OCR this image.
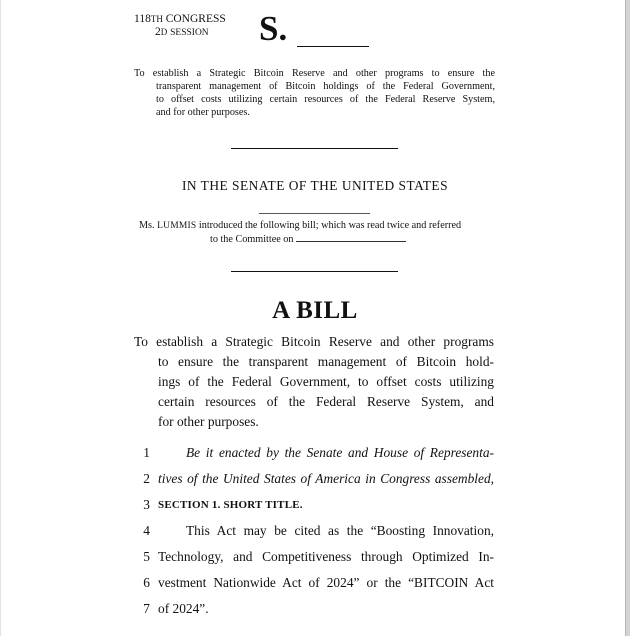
118TH CONGRESS
2D SESSION	S.
To establish a Strategic Bitcoin Reserve and other programs to ensure the
transparent management of Bitcoin holdings of the Federal Government,
to offset costs utilizing certain resources of the Federal Reserve System,
and for other purposes.
IN THE SENATE OF THE UNITED STATES
Ms. LUMMIS introduced the following bill; which was read twice and referred
to the Committee on
A BILL
To establish a Strategic Bitcoin Reserve and other programs
to ensure the transparent management of Bitcoin hold-
ings of the Federal Government, to offset costs utilizing
certain resources of the Federal Reserve System, and
for other purposes.
1	Be it enacted by the Senate and House of Representa-
2 tives of the United States of America in Congress assembled,
3 SECTION 1. SHORT TITLE.
4	This Act may be cited as the “Boosting Innovation,
5 Technology, and Competitiveness through Optimized In-
6 vestment Nationwide Act of 2024” or the “BITCOIN Act
7 of 2024”.
